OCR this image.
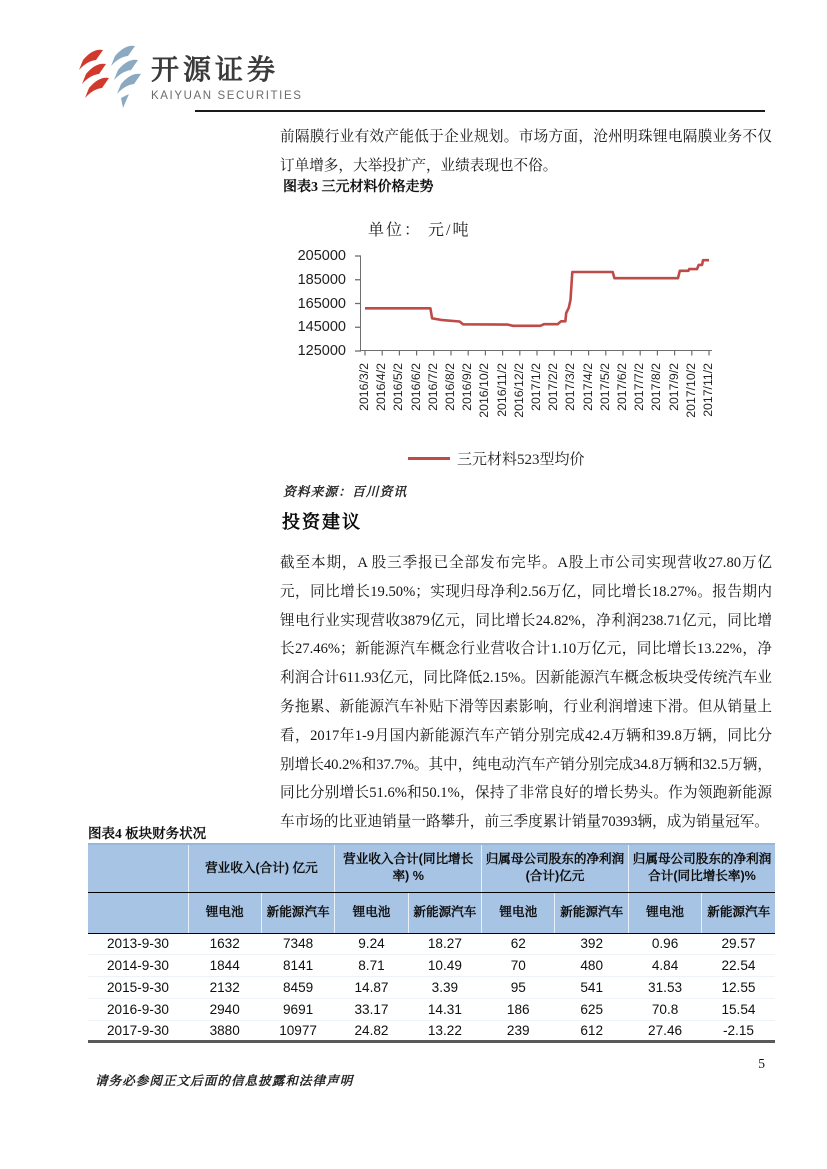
开源证券
KAIYUAN SECURITIES

前隔膜行业有效产能低于企业规划。市场方面，沧州明珠锂电隔膜业务不仅订单增多，大举投扩产，业绩表现也不俗。

图表3 三元材料价格走势
单位： 元/吨
205000
185000
165000
145000
125000
2016/3/2 2016/4/2 2016/5/2 2016/6/2 2016/7/2 2016/8/2 2016/9/2 2016/10/2 2016/11/2 2016/12/2 2017/1/2 2017/2/2 2017/3/2 2017/4/2 2017/5/2 2017/6/2 2017/7/2 2017/8/2 2017/9/2 2017/10/2 2017/11/2
三元材料523型均价
资料来源：百川资讯
投资建议

截至本期，A 股三季报已全部发布完毕。A股上市公司实现营收27.80万亿元，同比增长19.50%；实现归母净利2.56万亿，同比增长18.27%。报告期内锂电行业实现营收3879亿元，同比增长24.82%，净利润238.71亿元，同比增长27.46%；新能源汽车概念行业营收合计1.10万亿元，同比增长13.22%，净利润合计611.93亿元，同比降低2.15%。因新能源汽车概念板块受传统汽车业务拖累、新能源汽车补贴下滑等因素影响，行业利润增速下滑。但从销量上看，2017年1-9月国内新能源汽车产销分别完成42.4万辆和39.8万辆，同比分别增长40.2%和37.7%。其中，纯电动汽车产销分别完成34.8万辆和32.5万辆，同比分别增长51.6%和50.1%，保持了非常良好的增长势头。作为领跑新能源车市场的比亚迪销量一路攀升，前三季度累计销量70393辆，成为销量冠军。

图表4 板块财务状况
	营业收入(合计) 亿元		营业收入合计(同比增长率) %		归属母公司股东的净利润(合计)亿元		归属母公司股东的净利润合计(同比增长率)%	
	锂电池	新能源汽车	锂电池	新能源汽车	锂电池	新能源汽车	锂电池	新能源汽车
2013-9-30	1632	7348	9.24	18.27	62	392	0.96	29.57
2014-9-30	1844	8141	8.71	10.49	70	480	4.84	22.54
2015-9-30	2132	8459	14.87	3.39	95	541	31.53	12.55
2016-9-30	2940	9691	33.17	14.31	186	625	70.8	15.54
2017-9-30	3880	10977	24.82	13.22	239	612	27.46	-2.15
5
请务必参阅正文后面的信息披露和法律声明
